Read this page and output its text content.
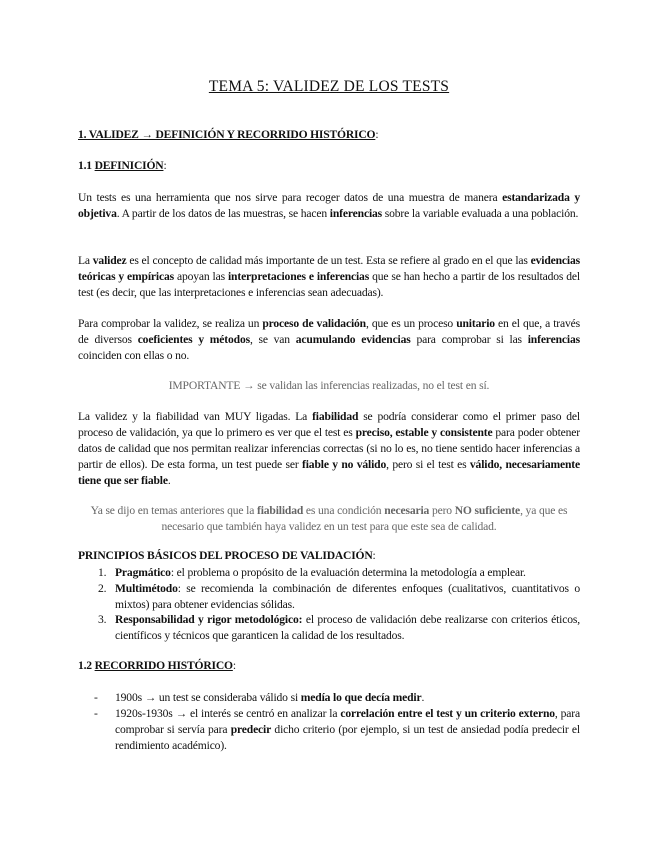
TEMA 5: VALIDEZ DE LOS TESTS
1. VALIDEZ → DEFINICIÓN Y RECORRIDO HISTÓRICO:
1.1 DEFINICIÓN:
Un tests es una herramienta que nos sirve para recoger datos de una muestra de manera estandarizada y objetiva. A partir de los datos de las muestras, se hacen inferencias sobre la variable evaluada a una población.
La validez es el concepto de calidad más importante de un test. Esta se refiere al grado en el que las evidencias teóricas y empíricas apoyan las interpretaciones e inferencias que se han hecho a partir de los resultados del test (es decir, que las interpretaciones e inferencias sean adecuadas).
Para comprobar la validez, se realiza un proceso de validación, que es un proceso unitario en el que, a través de diversos coeficientes y métodos, se van acumulando evidencias para comprobar si las inferencias coinciden con ellas o no.
IMPORTANTE → se validan las inferencias realizadas, no el test en sí.
La validez y la fiabilidad van MUY ligadas. La fiabilidad se podría considerar como el primer paso del proceso de validación, ya que lo primero es ver que el test es preciso, estable y consistente para poder obtener datos de calidad que nos permitan realizar inferencias correctas (si no lo es, no tiene sentido hacer inferencias a partir de ellos). De esta forma, un test puede ser fiable y no válido, pero si el test es válido, necesariamente tiene que ser fiable.
Ya se dijo en temas anteriores que la fiabilidad es una condición necesaria pero NO suficiente, ya que es necesario que también haya validez en un test para que este sea de calidad.
PRINCIPIOS BÁSICOS DEL PROCESO DE VALIDACIÓN:
1. Pragmático: el problema o propósito de la evaluación determina la metodología a emplear.
2. Multimétodo: se recomienda la combinación de diferentes enfoques (cualitativos, cuantitativos o mixtos) para obtener evidencias sólidas.
3. Responsabilidad y rigor metodológico: el proceso de validación debe realizarse con criterios éticos, científicos y técnicos que garanticen la calidad de los resultados.
1.2 RECORRIDO HISTÓRICO:
- 1900s → un test se consideraba válido si medía lo que decía medir.
- 1920s-1930s → el interés se centró en analizar la correlación entre el test y un criterio externo, para comprobar si servía para predecir dicho criterio (por ejemplo, si un test de ansiedad podía predecir el rendimiento académico).
